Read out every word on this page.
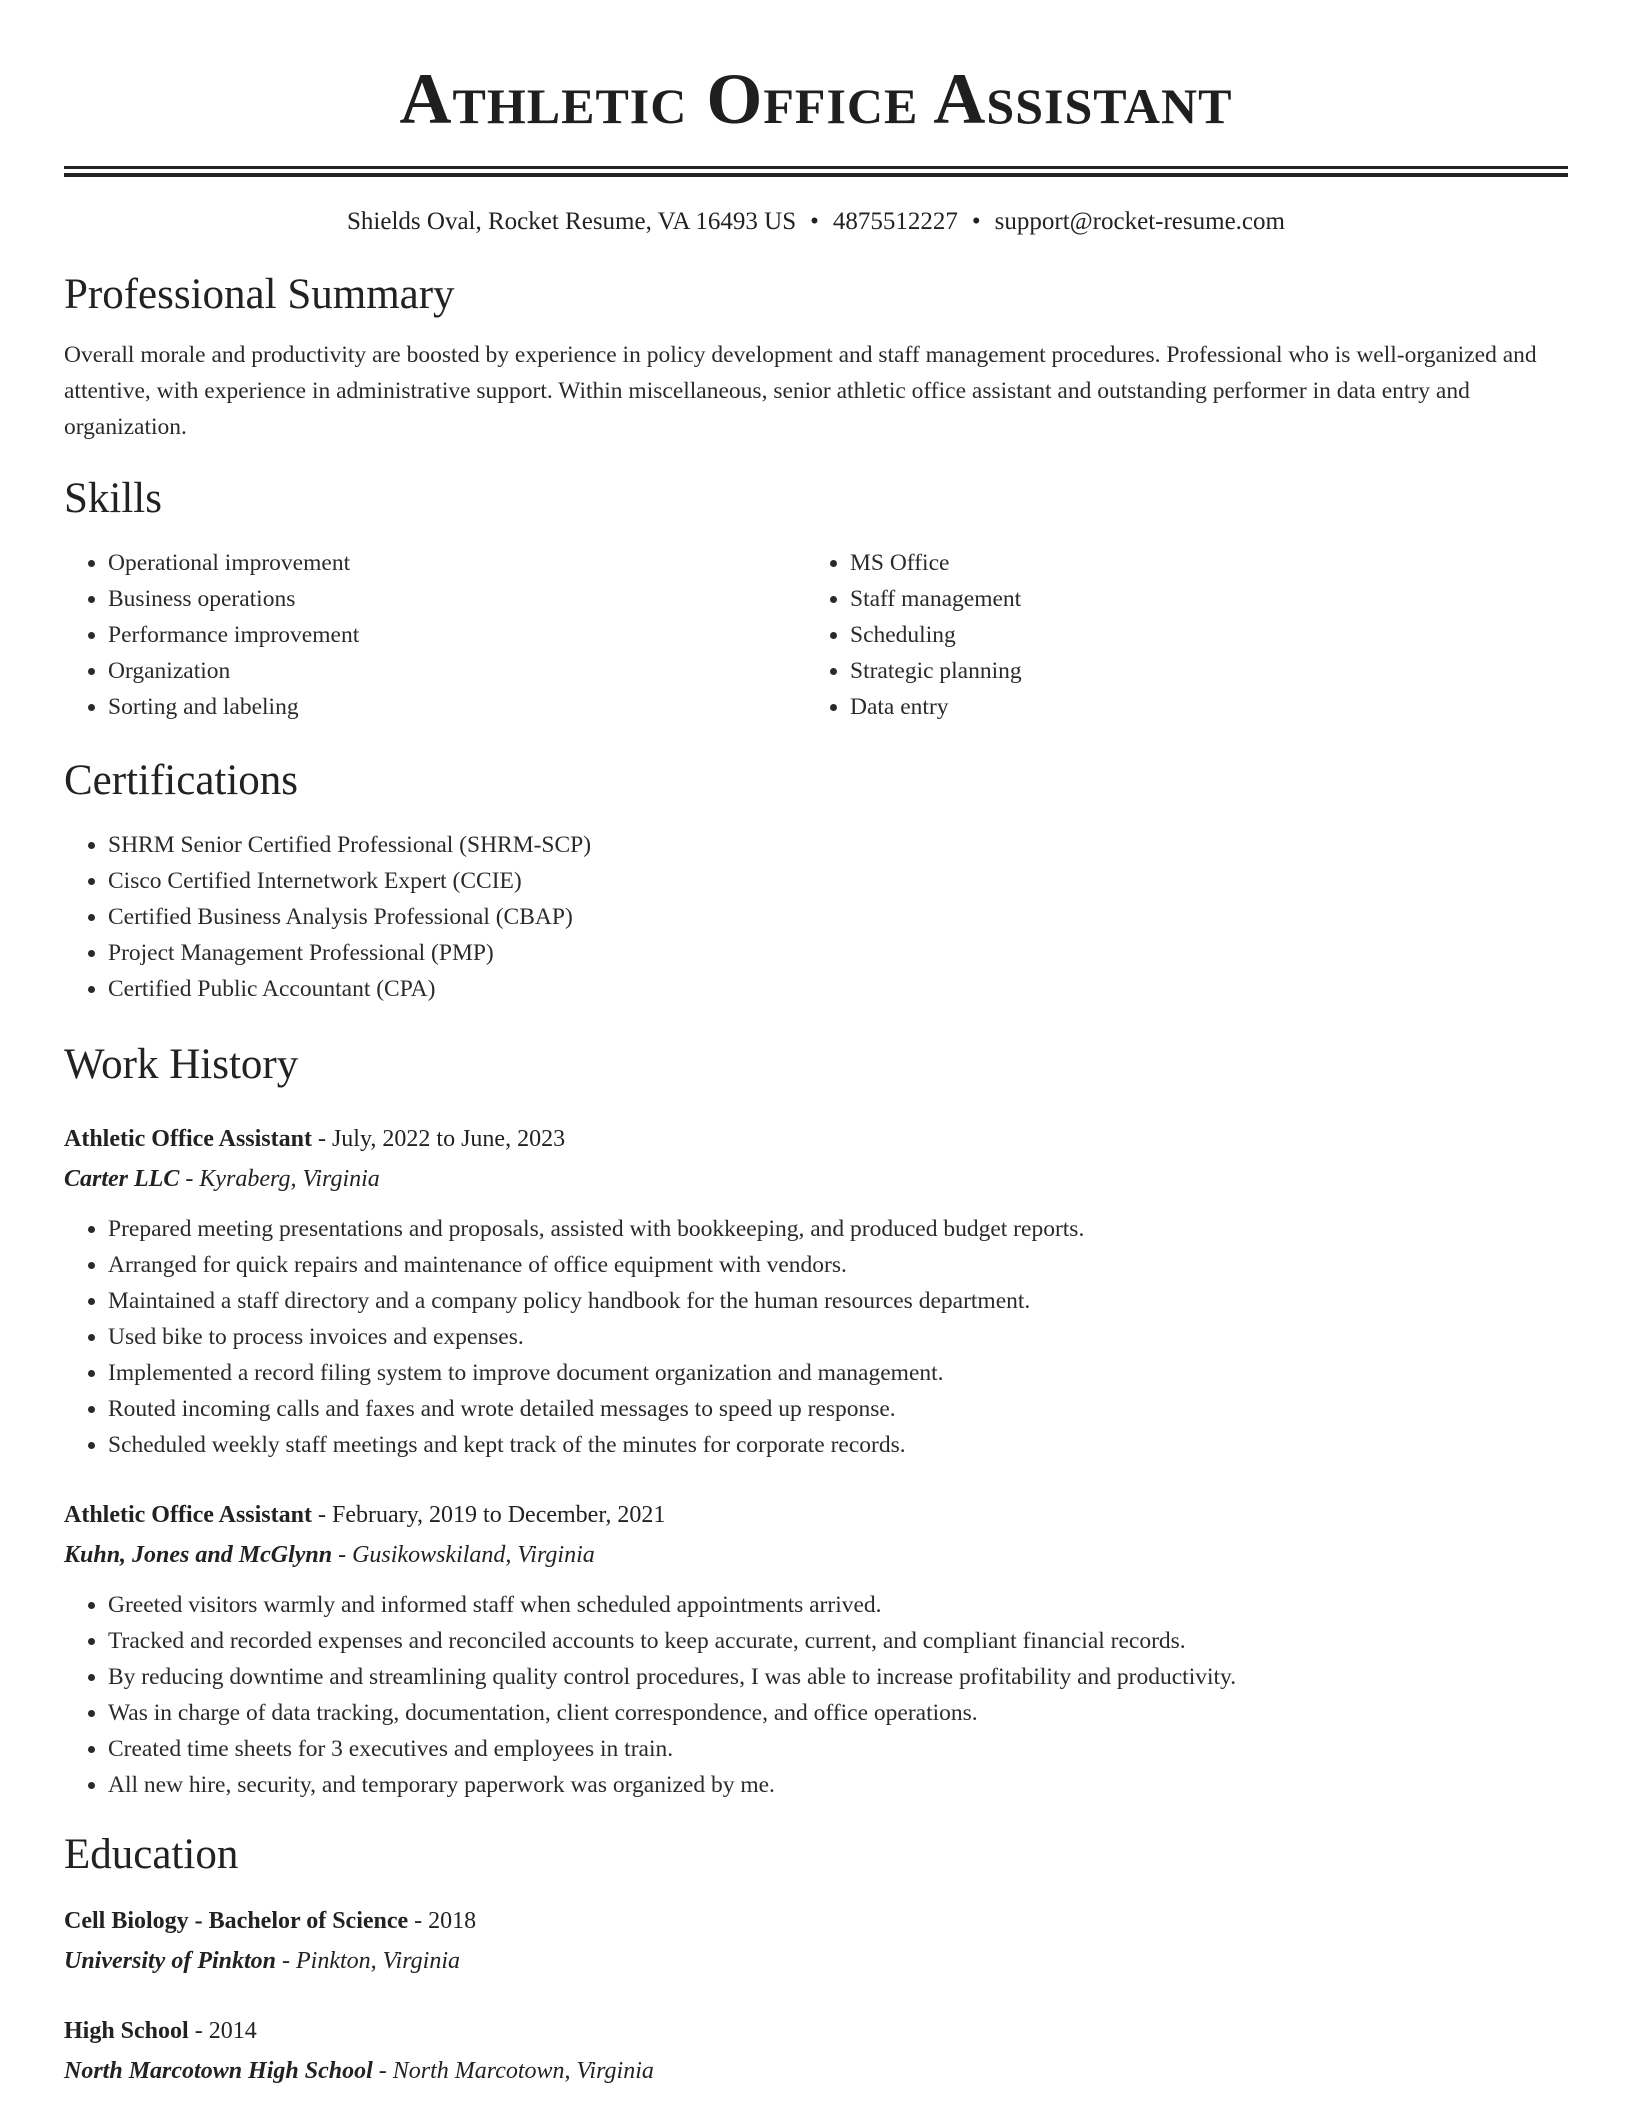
Athletic Office Assistant
Shields Oval, Rocket Resume, VA 16493 US • 4875512227 • support@rocket-resume.com
Professional Summary

Overall morale and productivity are boosted by experience in policy development and staff management procedures. Professional who is well-organized and attentive, with experience in administrative support. Within miscellaneous, senior athletic office assistant and outstanding performer in data entry and organization.

Skills
• Operational improvement
• Business operations
• Performance improvement
• Organization
• Sorting and labeling
• MS Office
• Staff management
• Scheduling
• Strategic planning
• Data entry
Certifications
• SHRM Senior Certified Professional (SHRM-SCP)
• Cisco Certified Internetwork Expert (CCIE)
• Certified Business Analysis Professional (CBAP)
• Project Management Professional (PMP)
• Certified Public Accountant (CPA)
Work History
Athletic Office Assistant - July, 2022 to June, 2023
Carter LLC - Kyraberg, Virginia
• Prepared meeting presentations and proposals, assisted with bookkeeping, and produced budget reports.
• Arranged for quick repairs and maintenance of office equipment with vendors.
• Maintained a staff directory and a company policy handbook for the human resources department.
• Used bike to process invoices and expenses.
• Implemented a record filing system to improve document organization and management.
• Routed incoming calls and faxes and wrote detailed messages to speed up response.
• Scheduled weekly staff meetings and kept track of the minutes for corporate records.
Athletic Office Assistant - February, 2019 to December, 2021
Kuhn, Jones and McGlynn - Gusikowskiland, Virginia
• Greeted visitors warmly and informed staff when scheduled appointments arrived.
• Tracked and recorded expenses and reconciled accounts to keep accurate, current, and compliant financial records.
• By reducing downtime and streamlining quality control procedures, I was able to increase profitability and productivity.
• Was in charge of data tracking, documentation, client correspondence, and office operations.
• Created time sheets for 3 executives and employees in train.
• All new hire, security, and temporary paperwork was organized by me.
Education
Cell Biology - Bachelor of Science - 2018
University of Pinkton - Pinkton, Virginia
High School - 2014
North Marcotown High School - North Marcotown, Virginia
